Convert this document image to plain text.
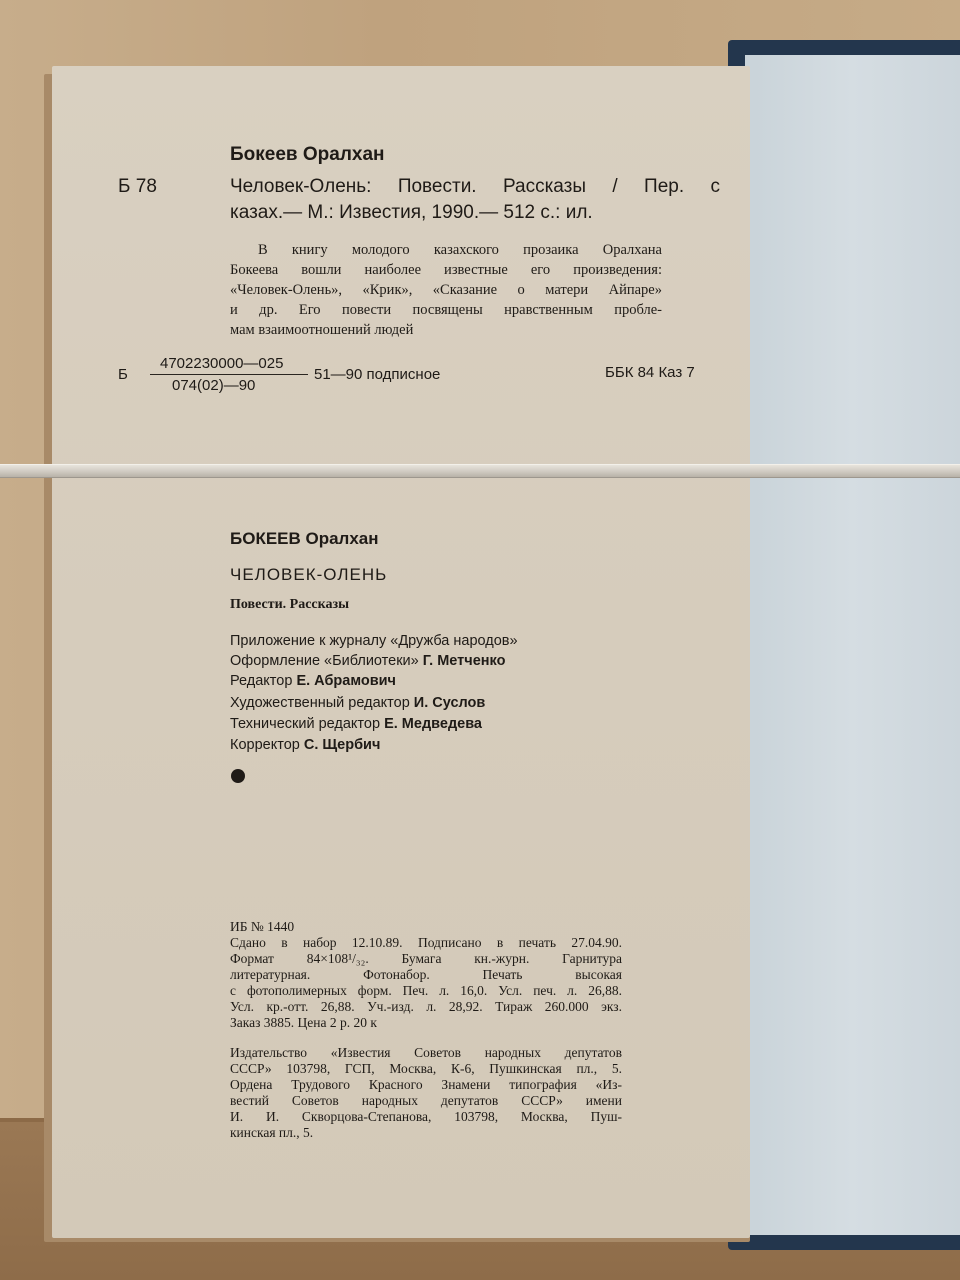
Бокеев Оралхан
Б 78	Человек-Олень: Повести. Рассказы / Пер. с
казах.— М.: Известия, 1990.— 512 с.: ил.
В книгу молодого казахского прозаика Оралхана
Бокеева вошли наиболее известные его произведения:
«Человек-Олень», «Крик», «Сказание о матери Айпаре»
и др. Его повести посвящены нравственным пробле-
мам взаимоотношений людей
Б
4702230000—025
074(02)—90
51—90 подписное	ББК 84 Каз 7
БОКЕЕВ Оралхан
ЧЕЛОВЕК-ОЛЕНЬ
Повести. Рассказы
Приложение к журналу «Дружба народов»
Оформление «Библиотеки» Г. Метченко
Редактор Е. Абрамович
Художественный редактор И. Суслов
Технический редактор Е. Медведева
Корректор С. Щербич
ИБ № 1440
Сдано в набор 12.10.89. Подписано в печать 27.04.90.
Формат 84×108¹/₃₂. Бумага кн.-журн. Гарнитура
литературная. Фотонабор. Печать высокая
с фотополимерных форм. Печ. л. 16,0. Усл. печ. л. 26,88.
Усл. кр.-отт. 26,88. Уч.-изд. л. 28,92. Тираж 260.000 экз.
Заказ 3885. Цена 2 р. 20 к
Издательство «Известия Советов народных депутатов
СССР» 103798, ГСП, Москва, К-6, Пушкинская пл., 5.
Ордена Трудового Красного Знамени типография «Из-
вестий Советов народных депутатов СССР» имени
И. И. Скворцова-Степанова, 103798, Москва, Пуш-
кинская пл., 5.
